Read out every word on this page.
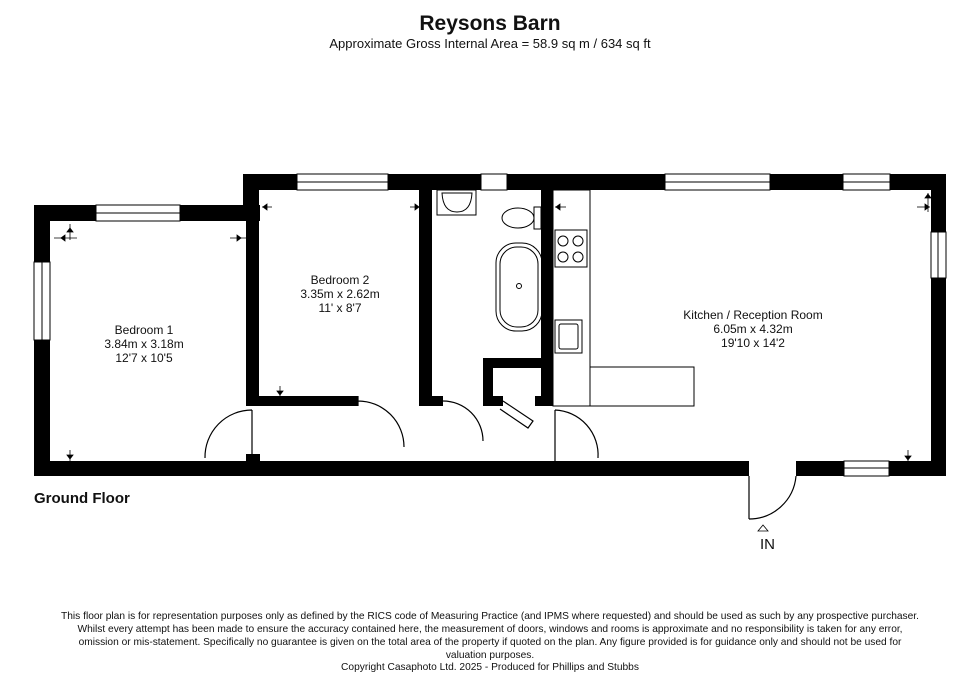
Reysons Barn
Approximate Gross Internal Area = 58.9 sq m / 634 sq ft
Bedroom 1
3.84m x 3.18m
12'7 x 10'5
Bedroom 2
3.35m x 2.62m
11' x 8'7	Kitchen / Reception Room
6.05m x 4.32m
19'10 x 14'2
Ground Floor
IN
This floor plan is for representation purposes only as defined by the RICS code of Measuring Practice (and IPMS where requested) and should be used as such by any prospective purchaser. Whilst every attempt has been made to ensure the accuracy contained here, the measurement of doors, windows and rooms is approximate and no responsibility is taken for any error, omission or mis-statement. Specifically no guarantee is given on the total area of the property if quoted on the plan. Any figure provided is for guidance only and should not be used for valuation purposes.
Copyright Casaphoto Ltd. 2025 - Produced for Phillips and Stubbs
